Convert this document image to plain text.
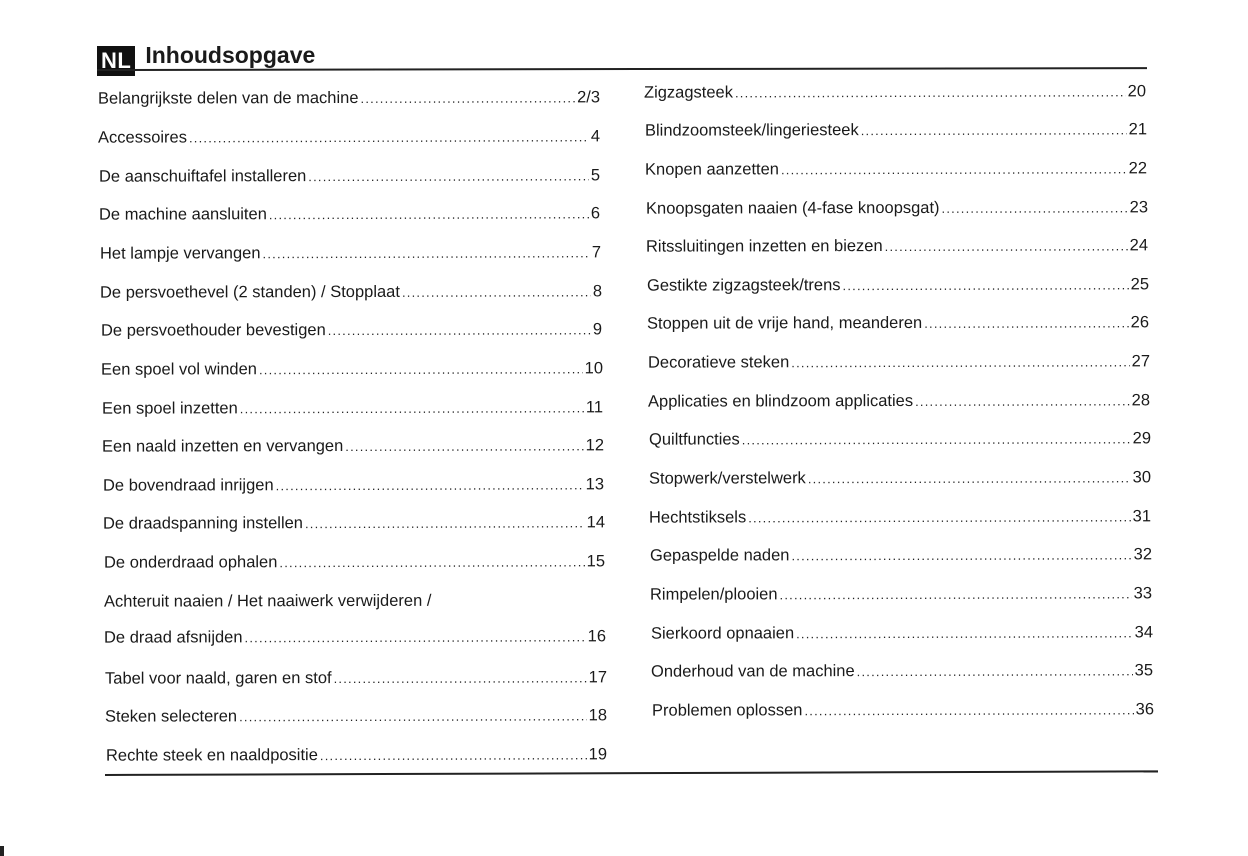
NL Inhoudsopgave
Belangrijkste delen van de machine .....	2/3
Accessoires .....	4
De aanschuiftafel installeren .....	5
De machine aansluiten .....	6
Het lampje vervangen .....	7
De persvoethevel (2 standen) / Stopplaat .....	8
De persvoethouder bevestigen .....	9
Een spoel vol winden .....	10
Een spoel inzetten .....	11
Een naald inzetten en vervangen .....	12
De bovendraad inrijgen .....	13
De draadspanning instellen .....	14
De onderdraad ophalen .....	15
Achteruit naaien / Het naaiwerk verwijderen /
De draad afsnijden .....	16
Tabel voor naald, garen en stof .....	17
Steken selecteren .....	18
Rechte steek en naaldpositie .....	19
Zigzagsteek .....	20
Blindzoomsteek/lingeriesteek .....	21
Knopen aanzetten .....	22
Knoopsgaten naaien (4-fase knoopsgat) .....	23
Ritssluitingen inzetten en biezen .....	24
Gestikte zigzagsteek/trens .....	25
Stoppen uit de vrije hand, meanderen .....	26
Decoratieve steken .....	27
Applicaties en blindzoom applicaties .....	28
Quiltfuncties .....	29
Stopwerk/verstelwerk .....	30
Hechtstiksels .....	31
Gepaspelde naden .....	32
Rimpelen/plooien .....	33
Sierkoord opnaaien .....	34
Onderhoud van de machine .....	35
Problemen oplossen .....	36
